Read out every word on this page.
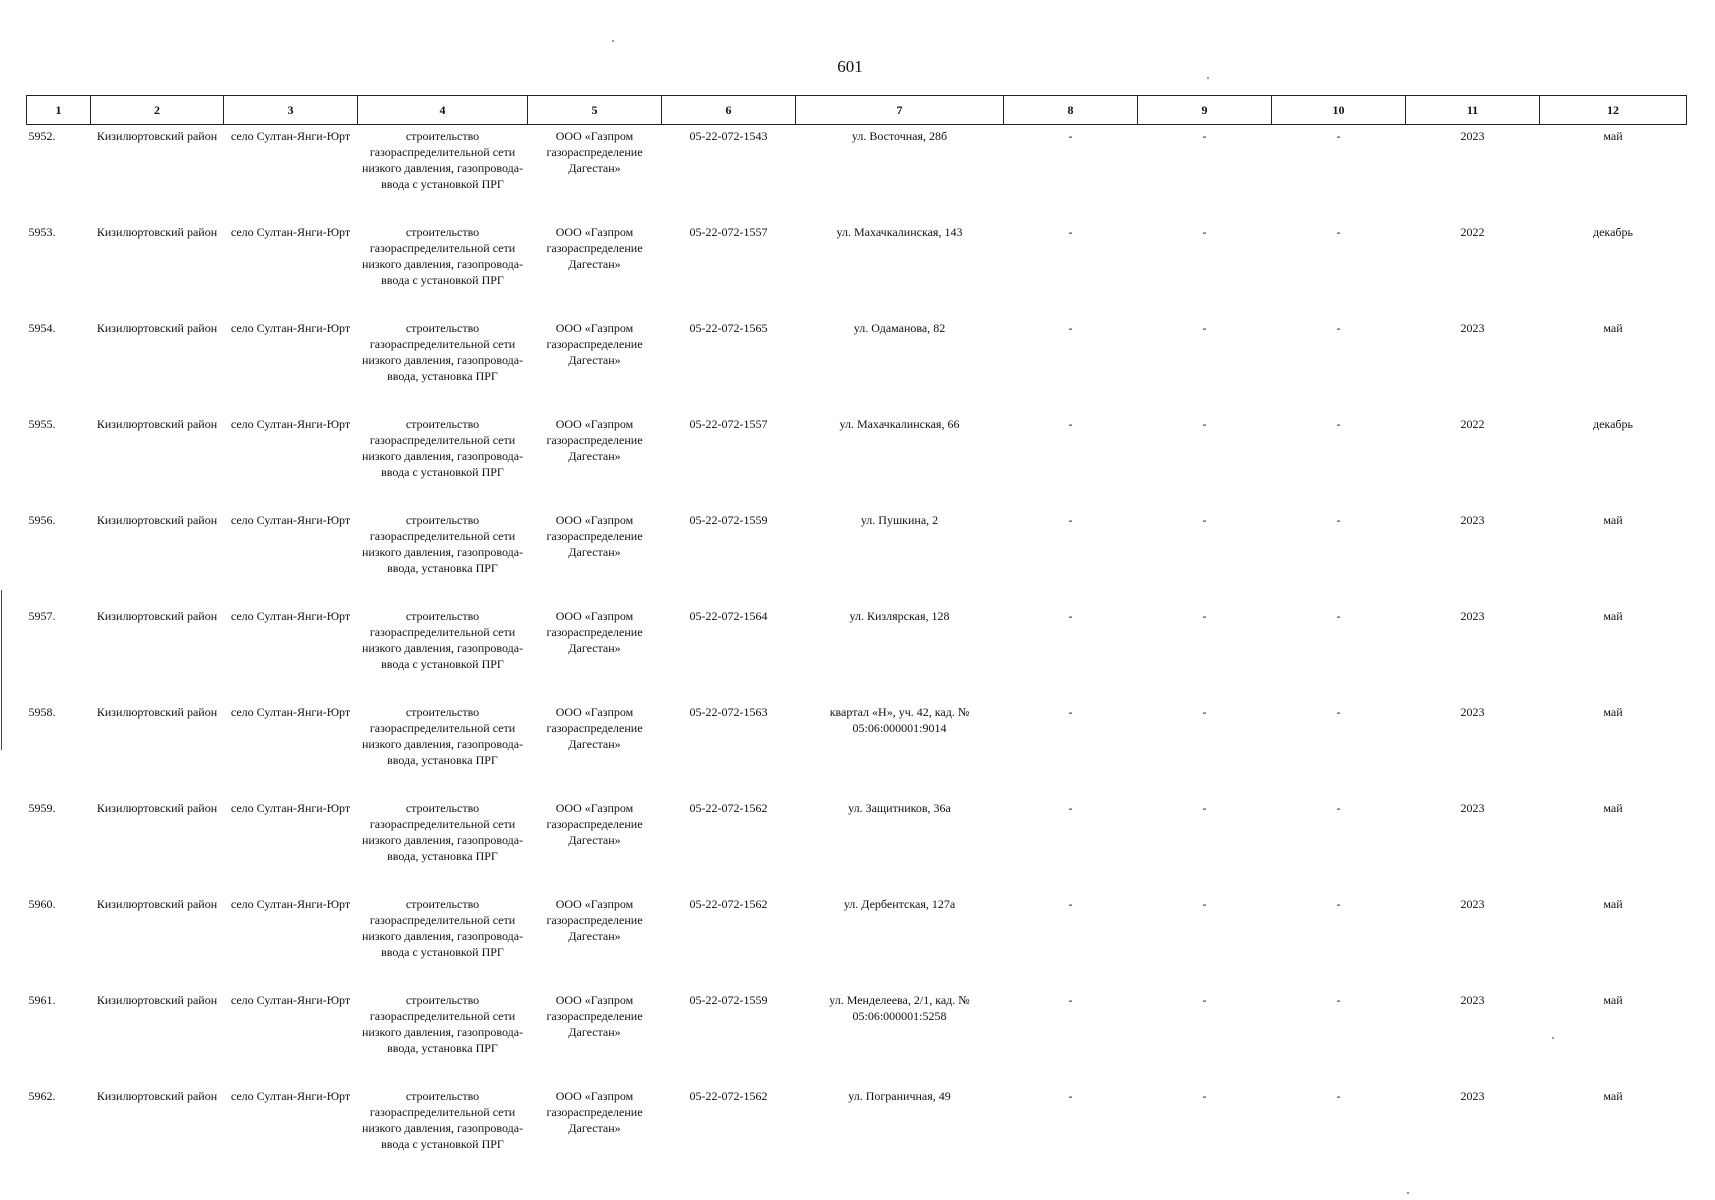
601
1	2	3	4	5	6	7	8	9	10	11	12
5952.	Кизилюртовский район	село Султан-Янги-Юрт	строительство газораспределительной сети низкого давления, газопровода-ввода с установкой ПРГ	ООО «Газпром газораспределение Дагестан»	05-22-072-1543	ул. Восточная, 28б	-	-	-	2023	май
5953.	Кизилюртовский район	село Султан-Янги-Юрт	строительство газораспределительной сети низкого давления, газопровода-ввода с установкой ПРГ	ООО «Газпром газораспределение Дагестан»	05-22-072-1557	ул. Махачкалинская, 143	-	-	-	2022	декабрь
5954.	Кизилюртовский район	село Султан-Янги-Юрт	строительство газораспределительной сети низкого давления, газопровода-ввода, установка ПРГ	ООО «Газпром газораспределение Дагестан»	05-22-072-1565	ул. Одаманова, 82	-	-	-	2023	май
5955.	Кизилюртовский район	село Султан-Янги-Юрт	строительство газораспределительной сети низкого давления, газопровода-ввода с установкой ПРГ	ООО «Газпром газораспределение Дагестан»	05-22-072-1557	ул. Махачкалинская, 66	-	-	-	2022	декабрь
5956.	Кизилюртовский район	село Султан-Янги-Юрт	строительство газораспределительной сети низкого давления, газопровода-ввода, установка ПРГ	ООО «Газпром газораспределение Дагестан»	05-22-072-1559	ул. Пушкина, 2	-	-	-	2023	май
5957.	Кизилюртовский район	село Султан-Янги-Юрт	строительство газораспределительной сети низкого давления, газопровода-ввода с установкой ПРГ	ООО «Газпром газораспределение Дагестан»	05-22-072-1564	ул. Кизлярская, 128	-	-	-	2023	май
5958.	Кизилюртовский район	село Султан-Янги-Юрт	строительство газораспределительной сети низкого давления, газопровода-ввода, установка ПРГ	ООО «Газпром газораспределение Дагестан»	05-22-072-1563	квартал «Н», уч. 42, кад. № 05:06:000001:9014	-	-	-	2023	май
5959.	Кизилюртовский район	село Султан-Янги-Юрт	строительство газораспределительной сети низкого давления, газопровода-ввода, установка ПРГ	ООО «Газпром газораспределение Дагестан»	05-22-072-1562	ул. Защитников, 36а	-	-	-	2023	май
5960.	Кизилюртовский район	село Султан-Янги-Юрт	строительство газораспределительной сети низкого давления, газопровода-ввода с установкой ПРГ	ООО «Газпром газораспределение Дагестан»	05-22-072-1562	ул. Дербентская, 127а	-	-	-	2023	май
5961.	Кизилюртовский район	село Султан-Янги-Юрт	строительство газораспределительной сети низкого давления, газопровода-ввода, установка ПРГ	ООО «Газпром газораспределение Дагестан»	05-22-072-1559	ул. Менделеева, 2/1, кад. № 05:06:000001:5258	-	-	-	2023	май
5962.	Кизилюртовский район	село Султан-Янги-Юрт	строительство газораспределительной сети низкого давления, газопровода-ввода с установкой ПРГ	ООО «Газпром газораспределение Дагестан»	05-22-072-1562	ул. Пограничная, 49	-	-	-	2023	май
